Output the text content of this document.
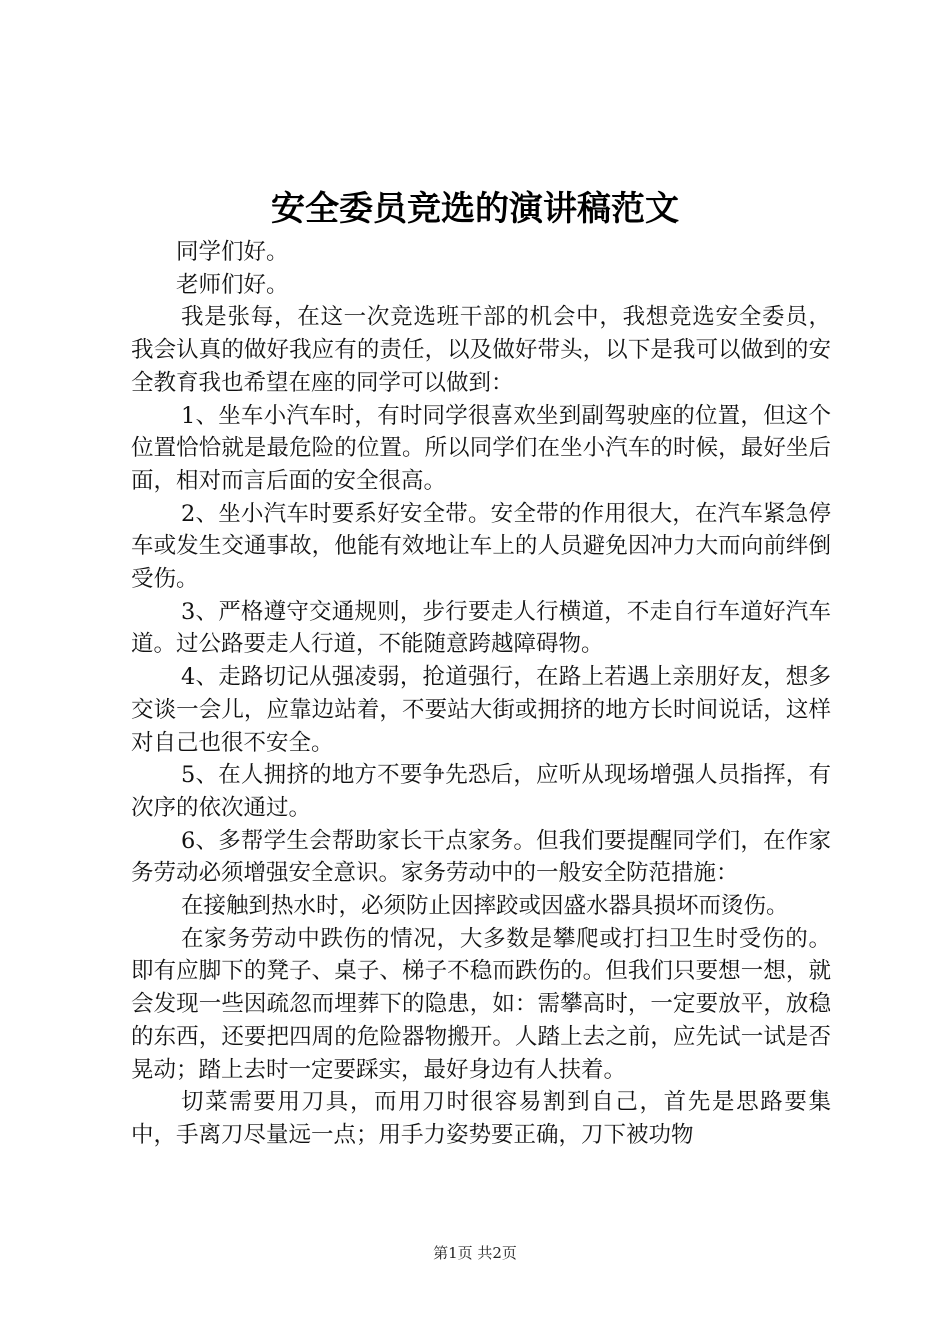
安全委员竞选的演讲稿范文

同学们好。

老师们好。

我是张每，在这一次竞选班干部的机会中，我想竞选安全委员，我会认真的做好我应有的责任，以及做好带头，以下是我可以做到的安全教育我也希望在座的同学可以做到：

1、坐车小汽车时，有时同学很喜欢坐到副驾驶座的位置，但这个位置恰恰就是最危险的位置。所以同学们在坐小汽车的时候，最好坐后面，相对而言后面的安全很高。

2、坐小汽车时要系好安全带。安全带的作用很大，在汽车紧急停车或发生交通事故，他能有效地让车上的人员避免因冲力大而向前绊倒受伤。

3、严格遵守交通规则，步行要走人行横道，不走自行车道好汽车道。过公路要走人行道，不能随意跨越障碍物。

4、走路切记从强凌弱，抢道强行，在路上若遇上亲朋好友，想多交谈一会儿，应靠边站着，不要站大街或拥挤的地方长时间说话，这样对自己也很不安全。

5、在人拥挤的地方不要争先恐后，应听从现场增强人员指挥，有次序的依次通过。

6、多帮学生会帮助家长干点家务。但我们要提醒同学们，在作家务劳动必须增强安全意识。家务劳动中的一般安全防范措施：

在接触到热水时，必须防止因摔跤或因盛水器具损坏而烫伤。

在家务劳动中跌伤的情况，大多数是攀爬或打扫卫生时受伤的。即有应脚下的凳子、桌子、梯子不稳而跌伤的。但我们只要想一想，就会发现一些因疏忽而埋葬下的隐患，如：需攀高时，一定要放平，放稳的东西，还要把四周的危险器物搬开。人踏上去之前，应先试一试是否晃动；踏上去时一定要踩实，最好身边有人扶着。

切菜需要用刀具，而用刀时很容易割到自己，首先是思路要集中，手离刀尽量远一点；用手力姿势要正确，刀下被功物

第1页 共2页
